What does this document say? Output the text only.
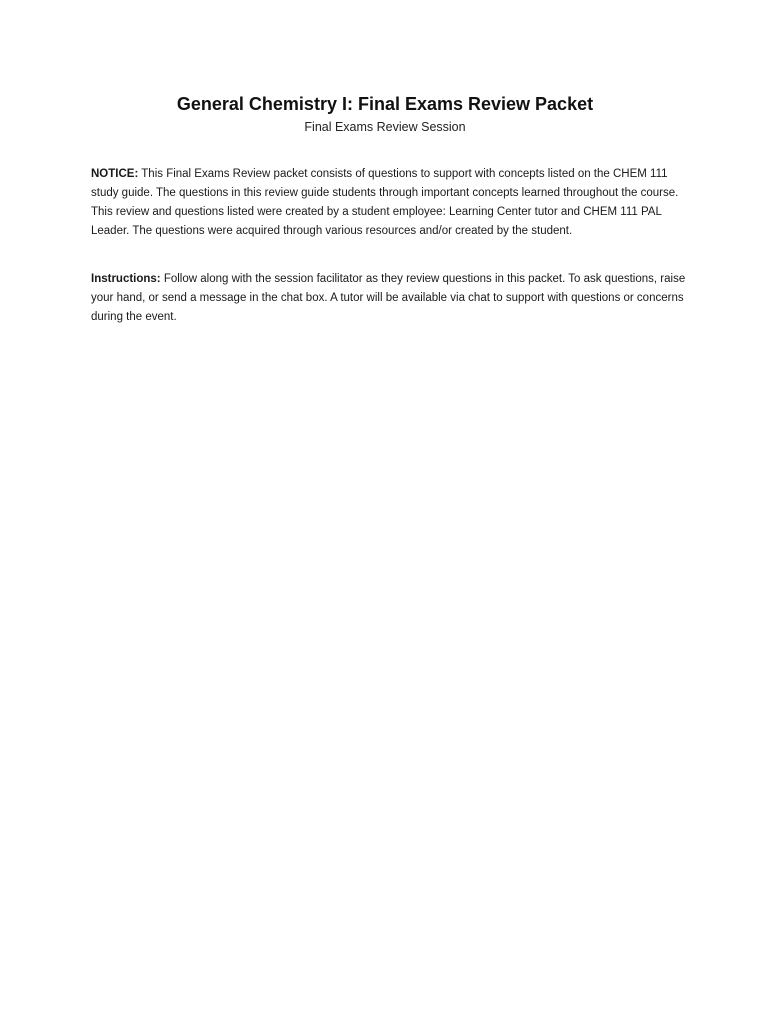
General Chemistry I: Final Exams Review Packet
Final Exams Review Session

NOTICE: This Final Exams Review packet consists of questions to support with concepts listed on the CHEM 111 study guide. The questions in this review guide students through important concepts learned throughout the course. This review and questions listed were created by a student employee: Learning Center tutor and CHEM 111 PAL Leader. The questions were acquired through various resources and/or created by the student.

Instructions: Follow along with the session facilitator as they review questions in this packet. To ask questions, raise your hand, or send a message in the chat box. A tutor will be available via chat to support with questions or concerns during the event.
